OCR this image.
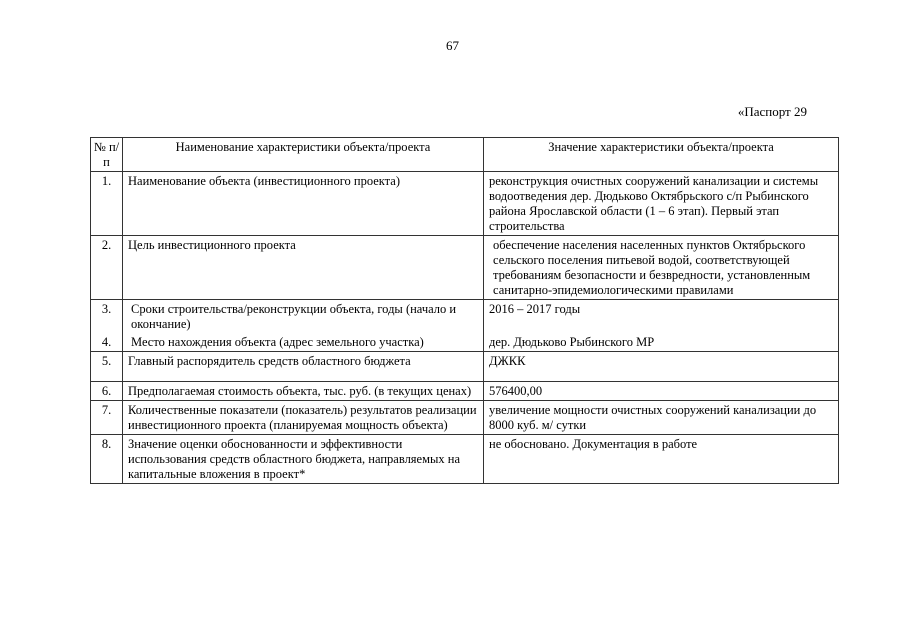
67
«Паспорт 29
№ п/п	Наименование характеристики объекта/проекта	Значение характеристики объекта/проекта
1.	Наименование объекта (инвестиционного проекта)	реконструкция очистных сооружений канализации и системы водоотведения дер. Дюдьково Октябрьского с/п Рыбинского района Ярославской области (1 – 6 этап). Первый этап строительства
2.	Цель инвестиционного проекта	обеспечение населения населенных пунктов Октябрьского сельского поселения питьевой водой, соответствующей требованиям безопасности и безвредности, установленным санитарно-эпидемиологическими правилами
3.	Сроки строительства/реконструкции объекта, годы (начало и окончание)	2016 – 2017 годы
4.	Место нахождения объекта (адрес земельного участка)	дер. Дюдьково Рыбинского МР
5.	Главный распорядитель средств областного бюджета	ДЖКК
6.	Предполагаемая стоимость объекта, тыс. руб. (в текущих ценах)	576400,00
7.	Количественные показатели (показатель) результатов реализации инвестиционного проекта (планируемая мощность объекта)	увеличение мощности очистных сооружений канализации до 8000 куб. м/ сутки
8.	Значение оценки обоснованности и эффективности использования средств областного бюджета, направляемых на капитальные вложения в проект*	не обосновано. Документация в работе
